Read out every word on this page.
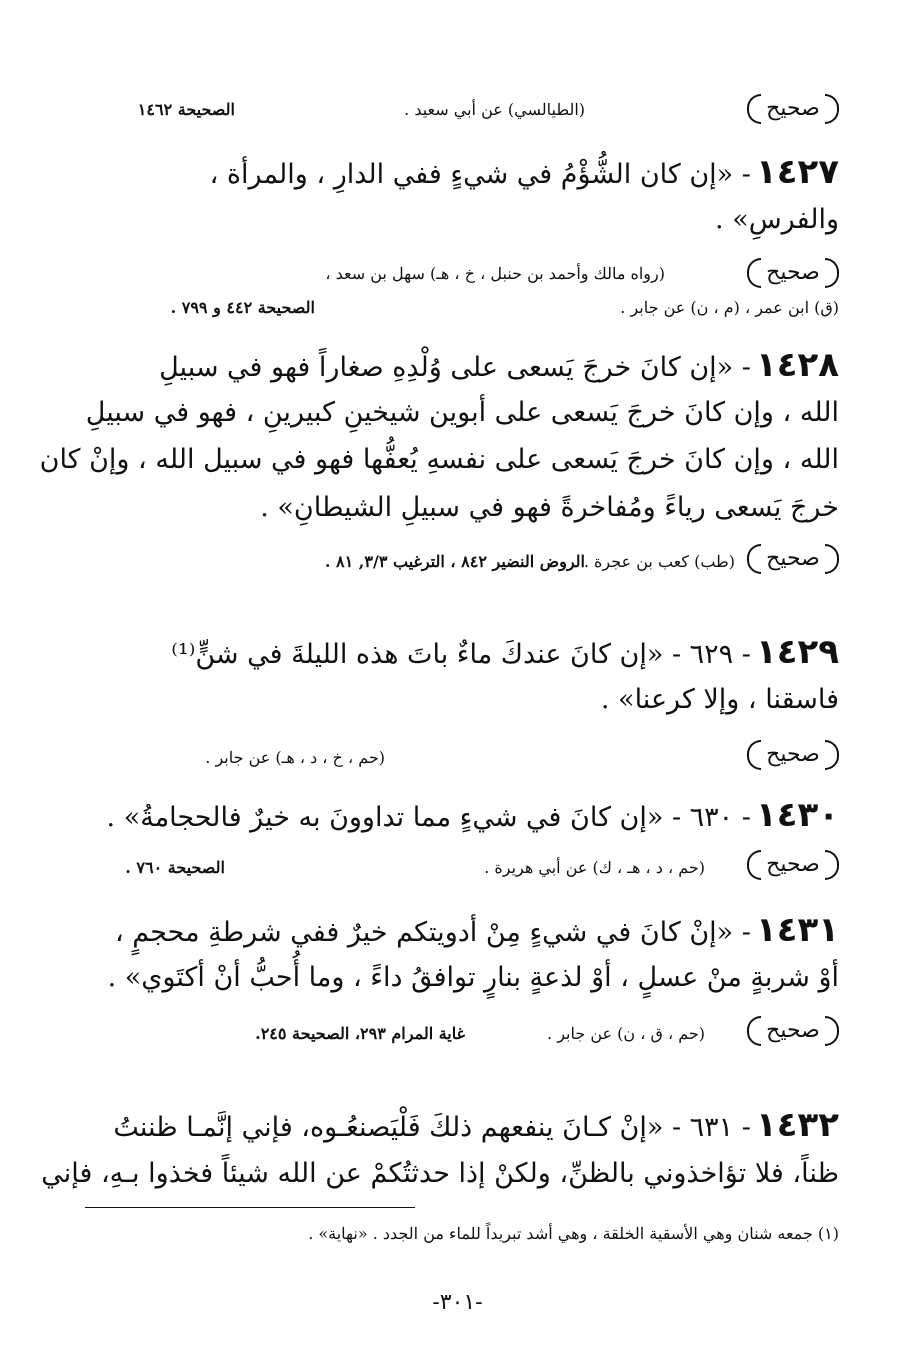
صحيح
(الطيالسي) عن أبي سعيد .
الصحيحة ١٤٦٢
١٤٢٧ - «إن كان الشُّؤْمُ في شيءٍ ففي الدارِ ، والمرأة ،
والفرسِ» .
صحيح
(رواه مالك وأحمد بن حنبل ، خ ، هـ) سهل بن سعد ،
(ق) ابن عمر ، (م ، ن) عن جابر .
الصحيحة ٤٤٢ و ٧٩٩ .
١٤٢٨ - «إن كانَ خرجَ يَسعى على وُلْدِهِ صغاراً فهو في سبيلِ
الله ، وإن كانَ خرجَ يَسعى على أبوين شيخينِ كبيرينِ ، فهو في سبيلِ
الله ، وإن كانَ خرجَ يَسعى على نفسهِ يُعفُّها فهو في سبيل الله ، وإنْ كان
خرجَ يَسعى رياءً ومُفاخرةً فهو في سبيلِ الشيطانِ» .
صحيح
(طب) كعب بن عجرة .
الروض النضير ٨٤٢ ، الترغيب ٣/٣, ٨١ .
١٤٢٩ - ٦٢٩ - «إن كانَ عندكَ ماءٌ باتَ هذه الليلةَ في شنٍّ⁽¹⁾
فاسقنا ، وإلا كرعنا» .
صحيح
(حم ، خ ، د ، هـ) عن جابر .
١٤٣٠ - ٦٣٠ - «إن كانَ في شيءٍ مما تداوونَ به خيرٌ فالحجامةُ» .
صحيح
(حم ، د ، هـ ، ك) عن أبي هريرة .
الصحيحة ٧٦٠ .
١٤٣١ - «إنْ كانَ في شيءٍ مِنْ أدويتكم خيرٌ ففي شرطةِ محجمٍ ،
أوْ شربةٍ منْ عسلٍ ، أوْ لذعةٍ بنارٍ توافقُ داءً ، وما أُحبُّ أنْ أكتَوي» .
صحيح
(حم ، ق ، ن) عن جابر .
غاية المرام ٢٩٣، الصحيحة ٢٤٥.
١٤٣٢ - ٦٣١ - «إنْ كـانَ ينفعهم ذلكَ فَلْيَصنعُـوه، فإني إنَّمـا ظننتُ
ظناً، فلا تؤاخذوني بالظنِّ، ولكنْ إذا حدثتُكمْ عن الله شيئاً فخذوا بـهِ، فإني
(١) جمعه شنان وهي الأسقية الخلقة ، وهي أشد تبريداً للماء من الجدد . «نهاية» .
-٣٠١-
